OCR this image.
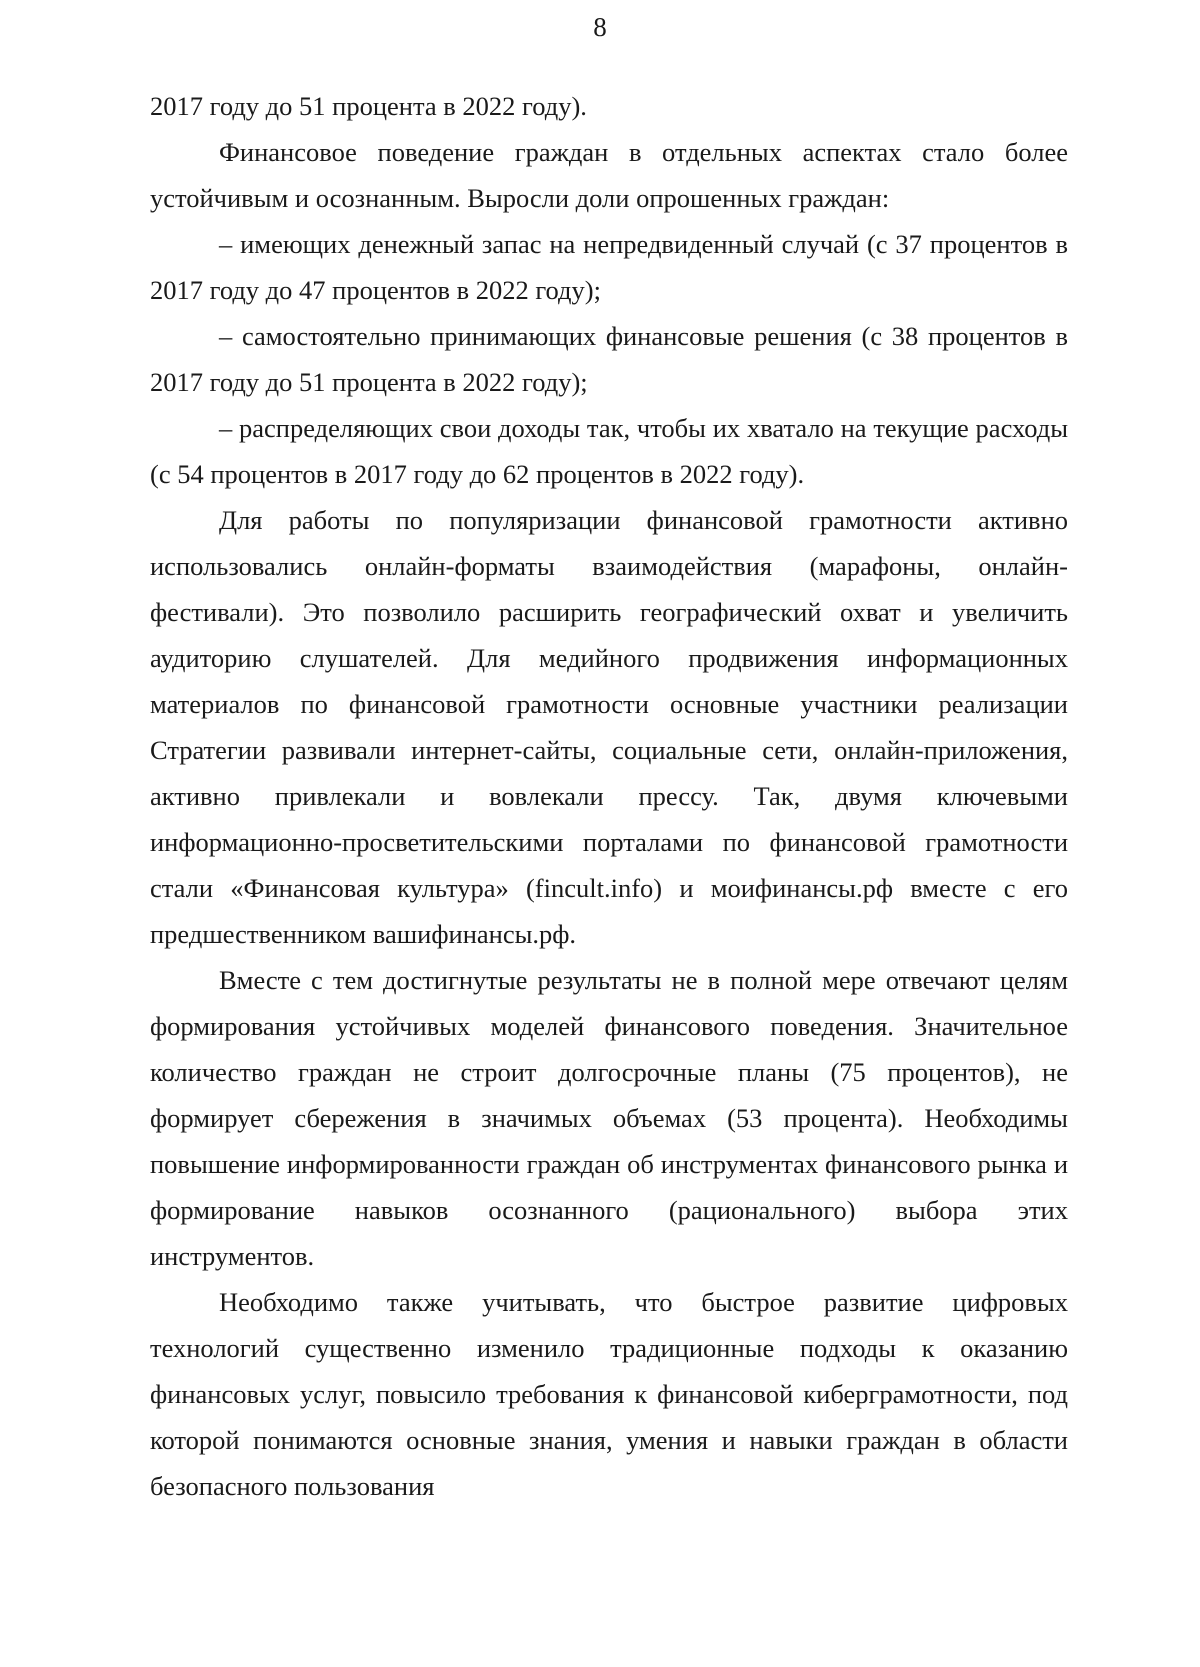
8

2017 году до 51 процента в 2022 году).

Финансовое поведение граждан в отдельных аспектах стало более устойчивым и осознанным. Выросли доли опрошенных граждан:

– имеющих денежный запас на непредвиденный случай (с 37 процентов в 2017 году до 47 процентов в 2022 году);

– самостоятельно принимающих финансовые решения (с 38 процентов в 2017 году до 51 процента в 2022 году);

– распределяющих свои доходы так, чтобы их хватало на текущие расходы (с 54 процентов в 2017 году до 62 процентов в 2022 году).

Для работы по популяризации финансовой грамотности активно использовались онлайн-форматы взаимодействия (марафоны, онлайн-фестивали). Это позволило расширить географический охват и увеличить аудиторию слушателей. Для медийного продвижения информационных материалов по финансовой грамотности основные участники реализации Стратегии развивали интернет-сайты, социальные сети, онлайн-приложения, активно привлекали и вовлекали прессу. Так, двумя ключевыми информационно-просветительскими порталами по финансовой грамотности стали «Финансовая культура» (fincult.info) и моифинансы.рф вместе с его предшественником вашифинансы.рф.

Вместе с тем достигнутые результаты не в полной мере отвечают целям формирования устойчивых моделей финансового поведения. Значительное количество граждан не строит долгосрочные планы (75 процентов), не формирует сбережения в значимых объемах (53 процента). Необходимы повышение информированности граждан об инструментах финансового рынка и формирование навыков осознанного (рационального) выбора этих инструментов.

Необходимо также учитывать, что быстрое развитие цифровых технологий существенно изменило традиционные подходы к оказанию финансовых услуг, повысило требования к финансовой киберграмотности, под которой понимаются основные знания, умения и навыки граждан в области безопасного пользования
